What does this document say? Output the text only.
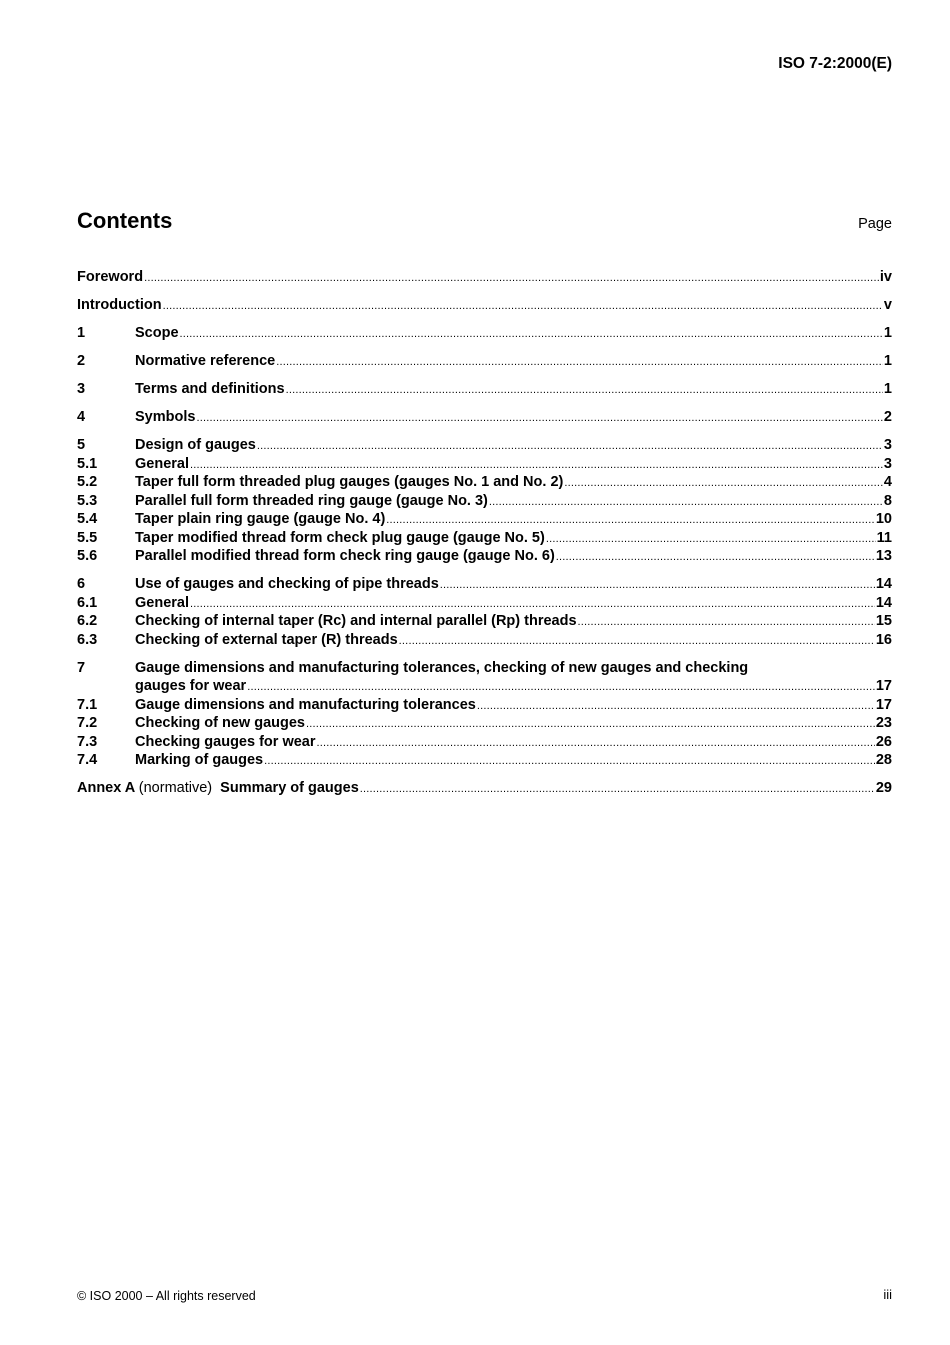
ISO 7-2:2000(E)
Contents	Page
Foreword .....	iv
Introduction .....	v
1	Scope .....	1
2	Normative reference .....	1
3	Terms and definitions .....	1
4	Symbols .....	2
5	Design of gauges .....	3
5.1	General .....	3
5.2	Taper full form threaded plug gauges (gauges No. 1 and No. 2) .....	4
5.3	Parallel full form threaded ring gauge (gauge No. 3) .....	8
5.4	Taper plain ring gauge (gauge No. 4) .....	10
5.5	Taper modified thread form check plug gauge (gauge No. 5) .....	11
5.6	Parallel modified thread form check ring gauge (gauge No. 6) .....	13
6	Use of gauges and checking of pipe threads .....	14
6.1	General .....	14
6.2	Checking of internal taper (Rc) and internal parallel (Rp) threads .....	15
6.3	Checking of external taper (R) threads .....	16
7	Gauge dimensions and manufacturing tolerances, checking of new gauges and checking
gauges for wear .....	17
7.1	Gauge dimensions and manufacturing tolerances .....	17
7.2	Checking of new gauges .....	23
7.3	Checking gauges for wear .....	26
7.4	Marking of gauges .....	28
Annex A (normative) Summary of gauges .....	29
© ISO 2000 – All rights reserved	iii
